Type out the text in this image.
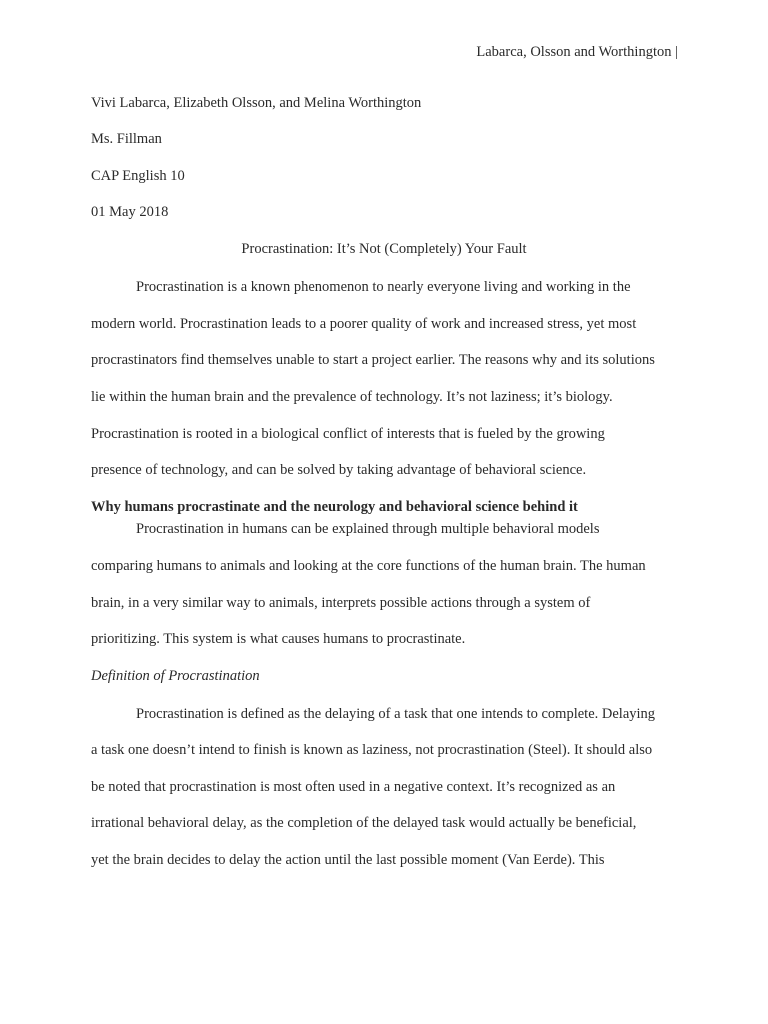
Labarca, Olsson and Worthington |
Vivi Labarca, Elizabeth Olsson, and Melina Worthington
Ms. Fillman
CAP English 10
01 May 2018
Procrastination: It’s Not (Completely) Your Fault
Procrastination is a known phenomenon to nearly everyone living and working in the
modern world. Procrastination leads to a poorer quality of work and increased stress, yet most
procrastinators find themselves unable to start a project earlier. The reasons why and its solutions
lie within the human brain and the prevalence of technology. It’s not laziness; it’s biology.
Procrastination is rooted in a biological conflict of interests that is fueled by the growing
presence of technology, and can be solved by taking advantage of behavioral science.
Why humans procrastinate and the neurology and behavioral science behind it
Procrastination in humans can be explained through multiple behavioral models
comparing humans to animals and looking at the core functions of the human brain. The human
brain, in a very similar way to animals, interprets possible actions through a system of
prioritizing. This system is what causes humans to procrastinate.
Definition of Procrastination
Procrastination is defined as the delaying of a task that one intends to complete. Delaying
a task one doesn’t intend to finish is known as laziness, not procrastination (Steel). It should also
be noted that procrastination is most often used in a negative context. It’s recognized as an
irrational behavioral delay, as the completion of the delayed task would actually be beneficial,
yet the brain decides to delay the action until the last possible moment (Van Eerde). This
